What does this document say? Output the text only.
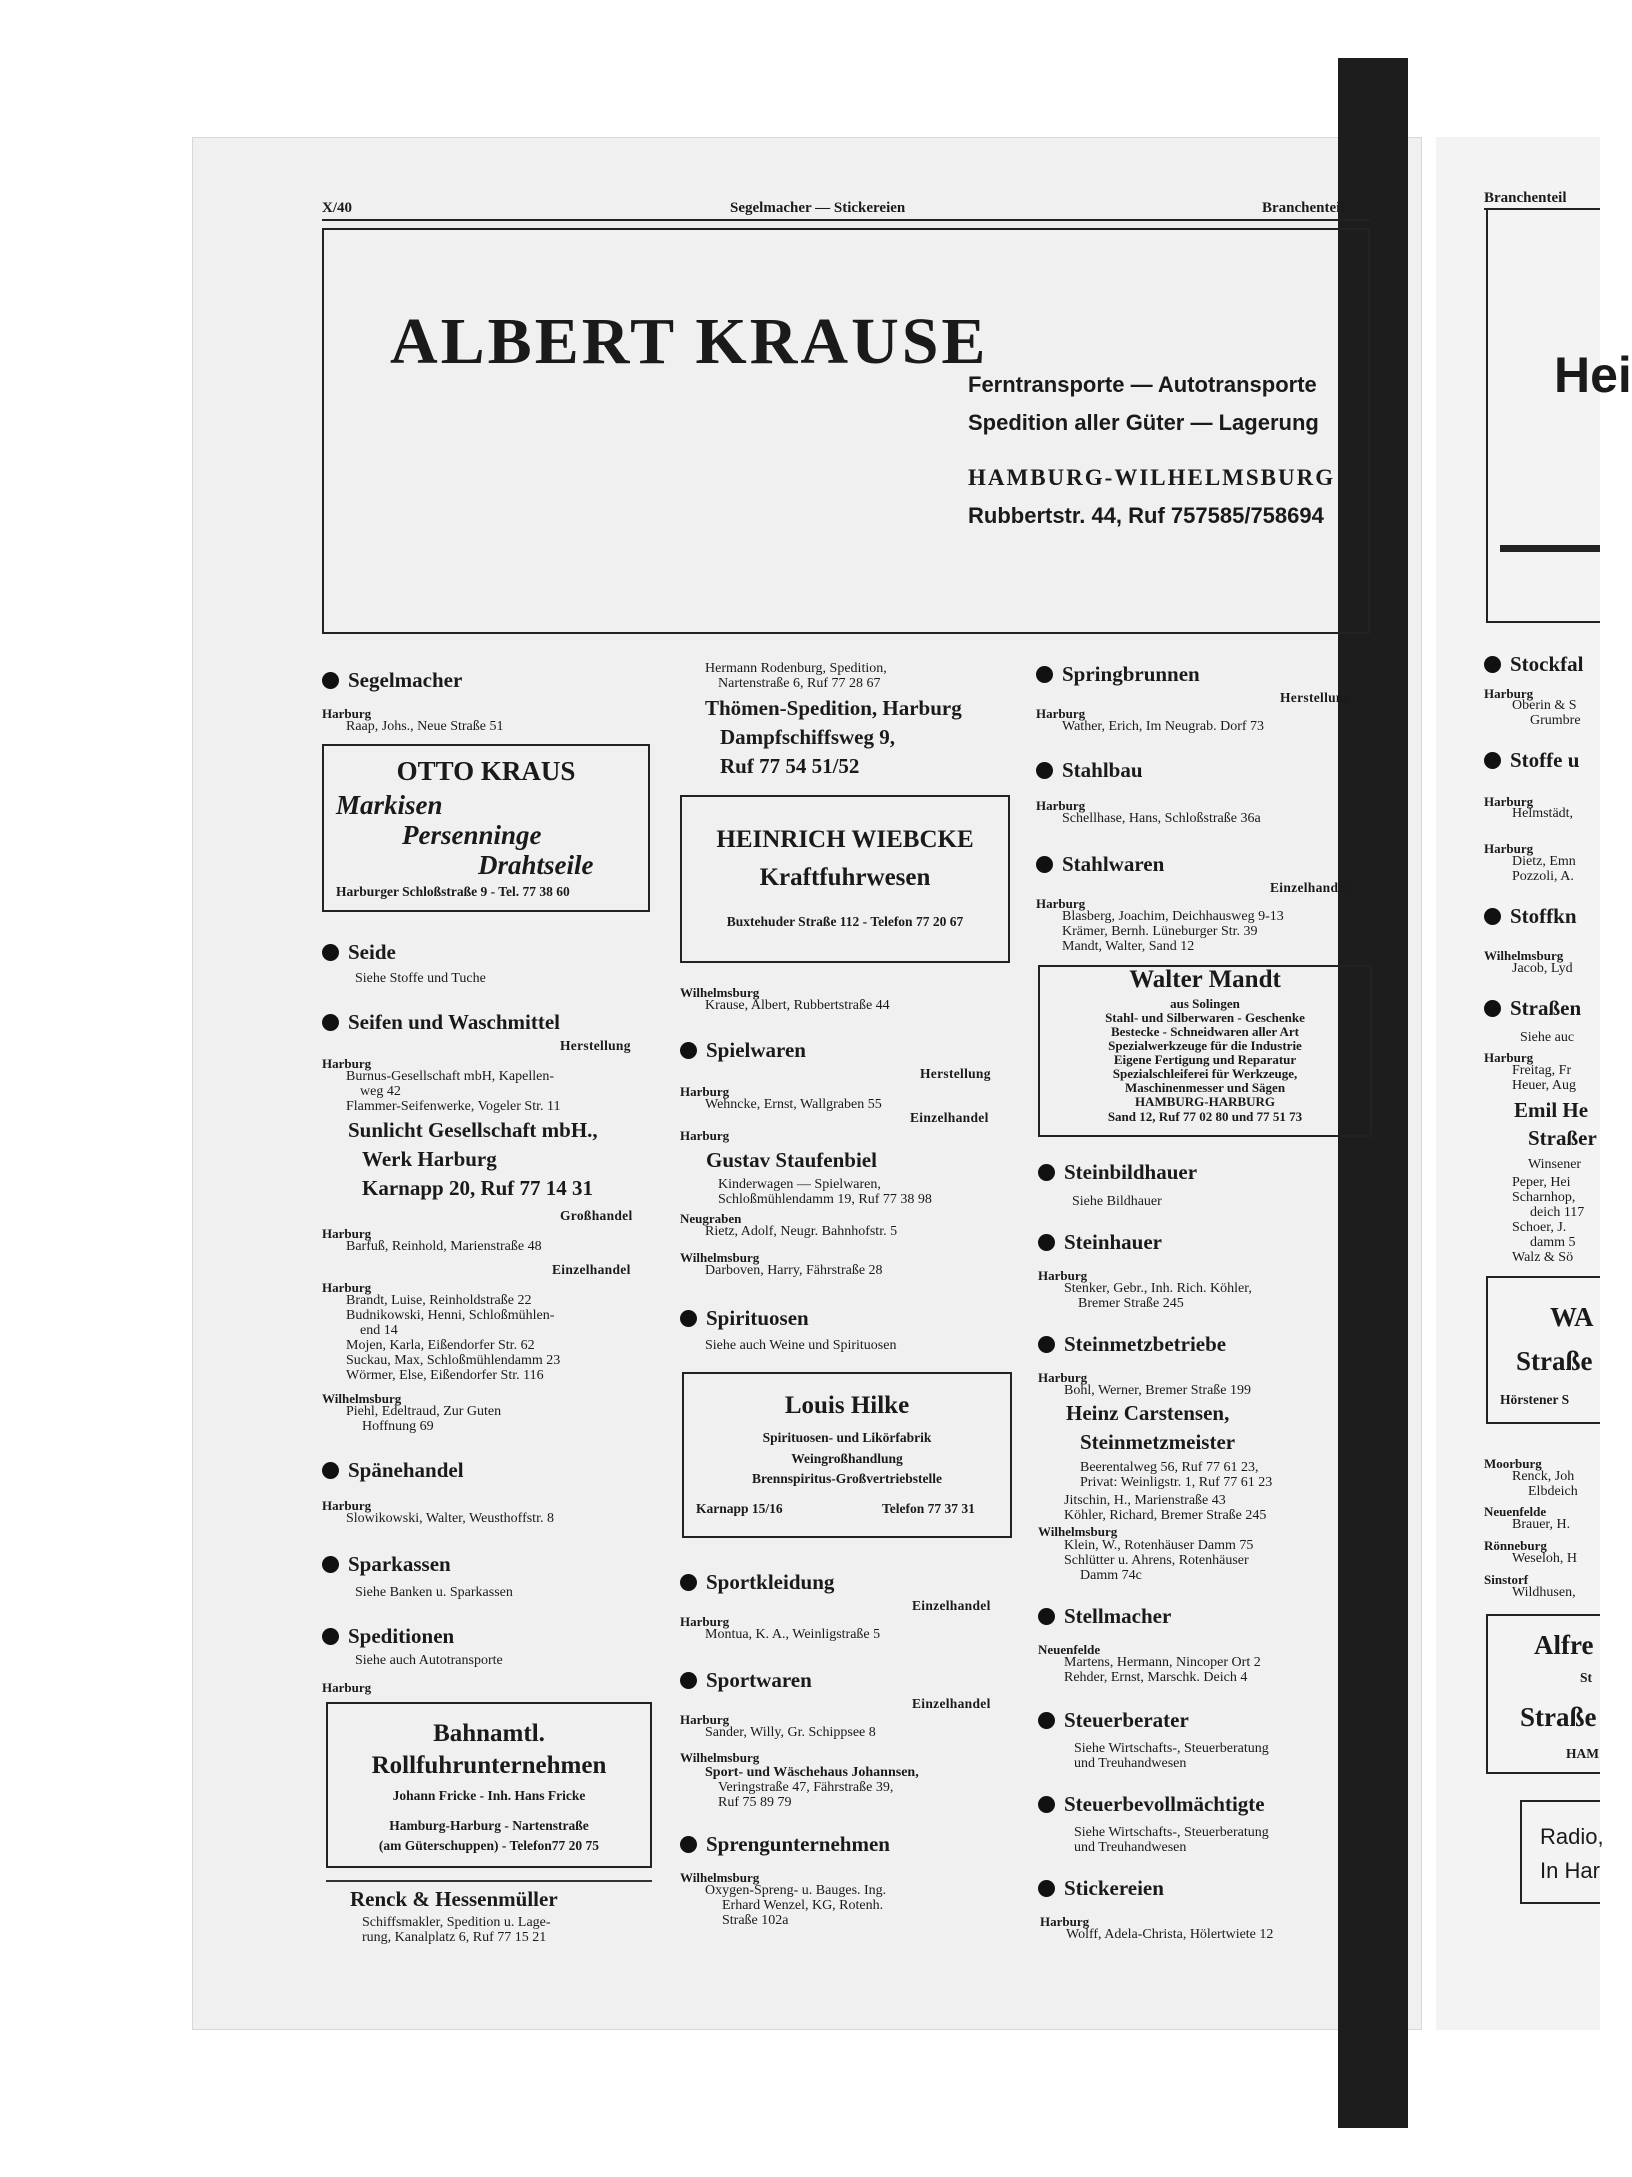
X/40	Segelmacher — Stickereien	Branchenteil
ALBERT KRAUSE
Ferntransporte — Autotransporte
Spedition aller Güter — Lagerung
HAMBURG-WILHELMSBURG
Rubbertstr. 44, Ruf 757585/758694
Segelmacher
Harburg
Raap, Johs., Neue Straße 51
OTTO KRAUS
Markisen
Persenninge
Drahtseile
Harburger Schloßstraße 9 - Tel. 77 38 60
Seide
Siehe Stoffe und Tuche
Seifen und Waschmittel
Herstellung
Harburg
Burnus-Gesellschaft mbH, Kapellen-
weg 42
Flammer-Seifenwerke, Vogeler Str. 11
Sunlicht Gesellschaft mbH.,
Werk Harburg
Karnapp 20, Ruf 77 14 31
Großhandel
Harburg
Barfuß, Reinhold, Marienstraße 48
Einzelhandel
Harburg
Brandt, Luise, Reinholdstraße 22
Budnikowski, Henni, Schloßmühlen-
end 14
Mojen, Karla, Eißendorfer Str. 62
Suckau, Max, Schloßmühlendamm 23
Wörmer, Else, Eißendorfer Str. 116
Wilhelmsburg
Piehl, Edeltraud, Zur Guten
Hoffnung 69
Spänehandel
Harburg
Slowikowski, Walter, Weusthoffstr. 8
Sparkassen
Siehe Banken u. Sparkassen
Speditionen
Siehe auch Autotransporte
Harburg
Bahnamtl.
Rollfuhrunternehmen
Johann Fricke - Inh. Hans Fricke
Hamburg-Harburg - Nartenstraße
(am Güterschuppen) - Telefon77 20 75
Renck & Hessenmüller
Schiffsmakler, Spedition u. Lage-
rung, Kanalplatz 6, Ruf 77 15 21
Hermann Rodenburg, Spedition,
Nartenstraße 6, Ruf 77 28 67
Thömen-Spedition, Harburg
Dampfschiffsweg 9,
Ruf 77 54 51/52
HEINRICH WIEBCKE
Kraftfuhrwesen
Buxtehuder Straße 112 - Telefon 77 20 67
Wilhelmsburg
Krause, Albert, Rubbertstraße 44
Spielwaren
Herstellung
Harburg
Wehncke, Ernst, Wallgraben 55
Einzelhandel
Harburg
Gustav Staufenbiel
Kinderwagen — Spielwaren,
Schloßmühlendamm 19, Ruf 77 38 98
Neugraben
Rietz, Adolf, Neugr. Bahnhofstr. 5
Wilhelmsburg
Darboven, Harry, Fährstraße 28
Spirituosen
Siehe auch Weine und Spirituosen
Louis Hilke
Spirituosen- und Likörfabrik
Weingroßhandlung
Brennspiritus-Großvertriebstelle
Karnapp 15/16	Telefon 77 37 31
Sportkleidung
Einzelhandel
Harburg
Montua, K. A., Weinligstraße 5
Sportwaren
Einzelhandel
Harburg
Sander, Willy, Gr. Schippsee 8
Wilhelmsburg
Sport- und Wäschehaus Johannsen,
Veringstraße 47, Fährstraße 39,
Ruf 75 89 79
Sprengunternehmen
Wilhelmsburg
Oxygen-Spreng- u. Bauges. Ing.
Erhard Wenzel, KG, Rotenh.
Straße 102a
Springbrunnen
Herstellung
Harburg
Wather, Erich, Im Neugrab. Dorf 73
Stahlbau
Harburg
Schellhase, Hans, Schloßstraße 36a
Stahlwaren
Einzelhandel
Harburg
Blasberg, Joachim, Deichhausweg 9-13
Krämer, Bernh. Lüneburger Str. 39
Mandt, Walter, Sand 12
Walter Mandt
aus Solingen
Stahl- und Silberwaren - Geschenke
Bestecke - Schneidwaren aller Art
Spezialwerkzeuge für die Industrie
Eigene Fertigung und Reparatur
Spezialschleiferei für Werkzeuge,
Maschinenmesser und Sägen
HAMBURG-HARBURG
Sand 12, Ruf 77 02 80 und 77 51 73
Steinbildhauer
Siehe Bildhauer
Steinhauer
Harburg
Stenker, Gebr., Inh. Rich. Köhler,
Bremer Straße 245
Steinmetzbetriebe
Harburg
Bohl, Werner, Bremer Straße 199
Heinz Carstensen,
Steinmetzmeister
Beerentalweg 56, Ruf 77 61 23,
Privat: Weinligstr. 1, Ruf 77 61 23
Jitschin, H., Marienstraße 43
Köhler, Richard, Bremer Straße 245
Wilhelmsburg
Klein, W., Rotenhäuser Damm 75
Schlütter u. Ahrens, Rotenhäuser
Damm 74c
Stellmacher
Neuenfelde
Martens, Hermann, Nincoper Ort 2
Rehder, Ernst, Marschk. Deich 4
Steuerberater
Siehe Wirtschafts-, Steuerberatung
und Treuhandwesen
Steuerbevollmächtigte
Siehe Wirtschafts-, Steuerberatung
und Treuhandwesen
Stickereien
Harburg
Wolff, Adela-Christa, Hölertwiete 12
Branchenteil
Hei
Stockfal
Harburg
Oberin & S
Grumbre
Stoffe u
Harburg
Helmstädt,
Harburg
Dietz, Emn
Pozzoli, A.
Stoffkn
Wilhelmsburg
Jacob, Lyd
Straßen
Siehe auc
Harburg
Freitag, Fr
Heuer, Aug
Emil He
Straßer
Winsener
Peper, Hei
Scharnhop,
deich 117
Schoer, J.
damm 5
Walz & Sö
WA
Straße
Hörstener S
Moorburg
Renck, Joh
Elbdeich
Neuenfelde
Brauer, H.
Rönneburg
Weseloh, H
Sinstorf
Wildhusen,
Alfre
St
Straße
HAM
Radio,
In Har
